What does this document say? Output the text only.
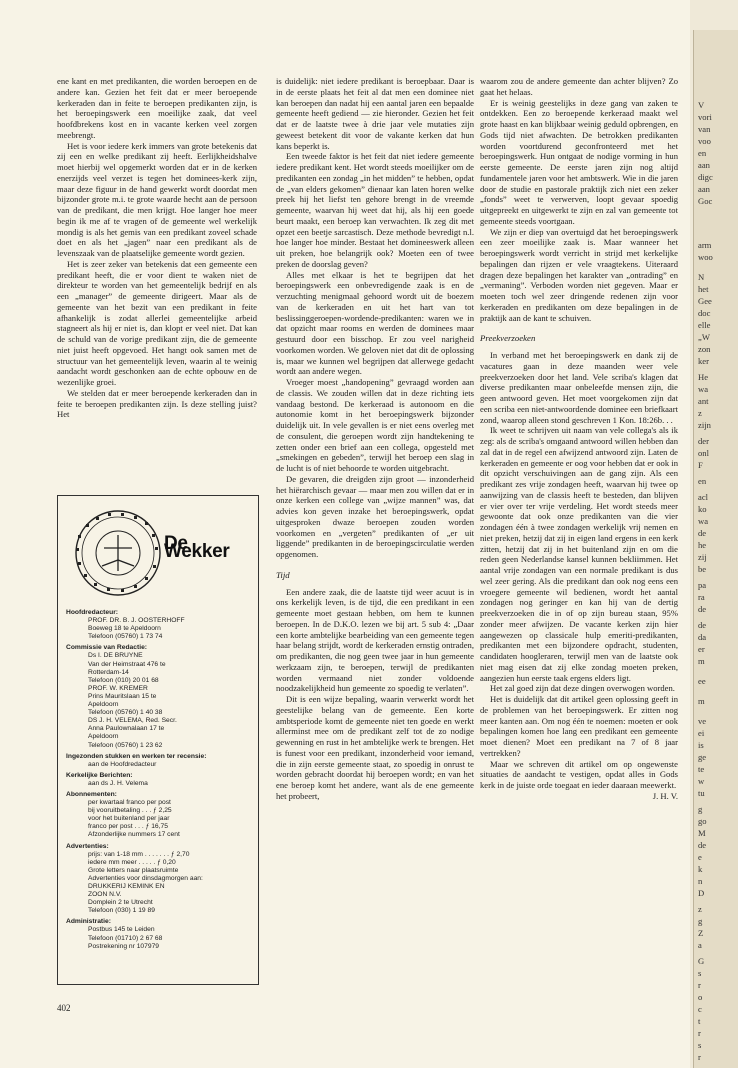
ene kant en met predikanten, die worden beroepen en de andere kan. Gezien het feit dat er meer beroepende kerkeraden dan in feite te beroepen predikanten zijn, is het beroepingswerk een moeilijke zaak, dat veel hoofdbrekens kost en in vacante kerken veel zorgen meebrengt.

Het is voor iedere kerk immers van grote betekenis dat zij een en welke predikant zij heeft. Eerlijkheidshalve moet hierbij wel opgemerkt worden dat er in de kerken enerzijds veel verzet is tegen het dominees-kerk zijn, maar deze figuur in de hand gewerkt wordt doordat men bijzonder grote m.i. te grote waarde hecht aan de persoon van de predikant, die men krijgt. Hoe langer hoe meer begin ik me af te vragen of de gemeente wel werkelijk mondig is als het gemis van een predikant zoveel schade doet en als het „jagen” naar een predikant als de levenszaak van de plaatselijke gemeente wordt gezien.

Het is zeer zeker van betekenis dat een gemeente een predikant heeft, die er voor dient te waken niet de direkteur te worden van het gemeentelijk bedrijf en als een „manager” de gemeente dirigeert. Maar als de gemeente van het bezit van een predikant in feite afhankelijk is zodat allerlei gemeentelijke arbeid stagneert als hij er niet is, dan klopt er veel niet. Dat kan de schuld van de vorige predikant zijn, die de gemeente niet juist heeft opgevoed. Het hangt ook samen met de structuur van het gemeentelijk leven, waarin al te weinig aandacht wordt geschonken aan de echte opbouw en de wezenlijke groei.

We stelden dat er meer beroepende kerkeraden dan in feite te beroepen predikanten zijn. Is deze stelling juist? Het

De Wekker
Hoofdredacteur:
PROF. DR. B. J. OOSTERHOFF
Boeweg 18 te Apeldoorn
Telefoon (05760) 1 73 74
Commissie van Redactie:
Ds I. DE BRUYNE
Van der Heimstraat 476 te
Rotterdam-14
Telefoon (010) 20 01 68
PROF. W. KREMER
Prins Mauritslaan 15 te
Apeldoorn
Telefoon (05760) 1 40 38
DS J. H. VELEMA, Red. Secr.
Anna Paulownalaan 17 te
Apeldoorn
Telefoon (05760) 1 23 62
Ingezonden stukken en werken ter recensie:
aan de Hoofdredacteur
Kerkelijke Berichten:
aan ds J. H. Velema
Abonnementen:
per kwartaal franco per post
bij vooruitbetaling . . . ƒ 2,25
voor het buitenland per jaar
franco per post . . . ƒ 16,75
Afzonderlijke nummers 17 cent
Advertenties:
prijs: van 1-18 mm . . . . . . . ƒ 2,70
iedere mm meer . . . . . ƒ 0,20
Grote letters naar plaatsruimte
Advertenties voor dinsdagmorgen aan:
DRUKKERIJ KEMINK EN
ZOON N.V.
Domplein 2 te Utrecht
Telefoon (030) 1 19 89
Administratie:
Postbus 145 te Leiden
Telefoon (01710) 2 67 68
Postrekening nr 107979

is duidelijk: niet iedere predikant is beroepbaar. Daar is in de eerste plaats het feit al dat men een dominee niet kan beroepen dan nadat hij een aantal jaren een bepaalde gemeente heeft gediend — zie hieronder. Gezien het feit dat er de laatste twee à drie jaar vele mutaties zijn geweest betekent dit voor de vakante kerken dat hun kans beperkt is.

Een tweede faktor is het feit dat niet iedere gemeente iedere predikant kent. Het wordt steeds moeilijker om de predikanten een zondag „in het midden” te hebben, opdat de „van elders gekomen” dienaar kan laten horen welke preek hij het liefst ten gehore brengt in de vreemde gemeente, waarvan hij weet dat hij, als hij een goede beurt maakt, een beroep kan verwachten. Ik zeg dit met opzet een beetje sarcastisch. Deze methode bevredigt n.l. hoe langer hoe minder. Bestaat het domineeswerk alleen uit preken, hoe belangrijk ook? Moeten een of twee preken de doorslag geven?

Alles met elkaar is het te begrijpen dat het beroepingswerk een onbevredigende zaak is en de verzuchting menigmaal gehoord wordt uit de boezem van de kerkeraden en uit het hart van tot beslissinggeroepen-wordende-predikanten: waren we in dat opzicht maar rooms en werden de dominees maar gestuurd door een bisschop. Er zou veel narigheid voorkomen worden. We geloven niet dat dit de oplossing is, maar we kunnen wel begrijpen dat allerwege gedacht wordt aan andere wegen.

Vroeger moest „handopening” gevraagd worden aan de classis. We zouden willen dat in deze richting iets vandaag bestond. De kerkeraad is autonoom en die autonomie komt in het beroepingswerk bijzonder duidelijk uit. In vele gevallen is er niet eens overleg met de consulent, die geroepen wordt zijn handtekening te zetten onder een brief aan een collega, opgesteld met „smekingen en gebeden”, terwijl het beroep een slag in de lucht is of niet behoorde te worden uitgebracht.

De gevaren, die dreigden zijn groot — inzonderheid het hiërarchisch gevaar — maar men zou willen dat er in onze kerken een college van „wijze mannen” was, dat advies kon geven inzake het beroepingswerk, opdat uitgesproken dwaze beroepen zouden worden voorkomen en „vergeten” predikanten of „er uit liggende” predikanten in de beroepingscirculatie werden opgenomen.

Tijd

Een andere zaak, die de laatste tijd weer acuut is in ons kerkelijk leven, is de tijd, die een predikant in een gemeente moet gestaan hebben, om hem te kunnen beroepen. In de D.K.O. lezen we bij art. 5 sub 4: „Daar een korte ambtelijke bearbeiding van een gemeente tegen haar belang strijdt, wordt de kerkeraden ernstig ontraden, om predikanten, die nog geen twee jaar in hun gemeente werkzaam zijn, te beroepen, terwijl de predikanten worden vermaand niet zonder voldoende noodzakelijkheid hun gemeente zo spoedig te verlaten”.

Dit is een wijze bepaling, waarin verwerkt wordt het geestelijke belang van de gemeente. Een korte ambtsperiode komt de gemeente niet ten goede en werkt allerminst mee om de predikant zelf tot de zo nodige gewenning en rust in het ambtelijke werk te brengen. Het is funest voor een predikant, inzonderheid voor iemand, die in zijn eerste gemeente staat, zo spoedig in onrust te worden gebracht doordat hij beroepen wordt; en van het ene beroep komt het andere, want als de ene gemeente het probeert,

waarom zou de andere gemeente dan achter blijven? Zo gaat het helaas.

Er is weinig geestelijks in deze gang van zaken te ontdekken. Een zo beroepende kerkeraad maakt wel grote haast en kan blijkbaar weinig geduld opbrengen, en Gods tijd niet afwachten. De betrokken predikanten worden voortdurend geconfronteerd met het beroepingswerk. Hun ontgaat de nodige vorming in hun eerste gemeente. De eerste jaren zijn nog altijd fundamentele jaren voor het ambtswerk. Wie in die jaren door de studie en pastorale praktijk zich niet een zeker „fonds” weet te verwerven, loopt gevaar spoedig uitgepreekt en uitgewerkt te zijn en zal van gemeente tot gemeente steeds voortgaan.

We zijn er diep van overtuigd dat het beroepingswerk een zeer moeilijke zaak is. Maar wanneer het beroepingswerk wordt verricht in strijd met kerkelijke bepalingen dan rijzen er vele vraagtekens. Uiteraard dragen deze bepalingen het karakter van „ontrading” en „vermaning”. Verboden worden niet gegeven. Maar er moeten toch wel zeer dringende redenen zijn voor kerkeraden en predikanten om deze bepalingen in de praktijk aan de kant te schuiven.

Preekverzoeken

In verband met het beroepingswerk en dank zij de vacatures gaan in deze maanden weer vele preekverzoeken door het land. Vele scriba's klagen dat diverse predikanten maar onbeleefde mensen zijn, die geen antwoord geven. Het moet voorgekomen zijn dat een scriba een niet-antwoordende dominee een briefkaart zond, waarop alleen stond geschreven 1 Kon. 18:26b. . .

Ik weet te schrijven uit naam van vele collega's als ik zeg: als de scriba's omgaand antwoord willen hebben dan zal dat in de regel een afwijzend antwoord zijn. Laten de kerkeraden en gemeente er oog voor hebben dat er ook in dit opzicht verschuivingen aan de gang zijn. Als een predikant zes vrije zondagen heeft, waarvan hij twee op aanwijzing van de classis heeft te besteden, dan blijven er vier over ter vrije verdeling. Het wordt steeds meer gewoonte dat ook onze predikanten van die vier zondagen één à twee zondagen werkelijk vrij nemen en niet preken, hetzij dat zij in eigen land ergens in een kerk zitten, hetzij dat zij in het buitenland zijn en om die reden geen Nederlandse kansel kunnen bekliimmen. Het aantal vrije zondagen van een normale predikant is dus wel zeer gering. Als die predikant dan ook nog eens een vroegere gemeente wil bedienen, wordt het aantal zondagen nog geringer en kan hij van de dertig preekverzoeken die in of op zijn bureau staan, 95% zonder meer afwijzen. De vacante kerken zijn hier aangewezen op classicale hulp emeriti-predikanten, predikanten met een bijzondere opdracht, studenten, candidaten hoogleraren, terwijl men van de laatste ook niet mag eisen dat zij elke zondag moeten preken, aangezien hun eerste taak ergens elders ligt.

Het zal goed zijn dat deze dingen overwogen worden.

Het is duidelijk dat dit artikel geen oplossing geeft in de problemen van het beroepingswerk. Er zitten nog meer kanten aan. Om nog één te noemen: moeten er ook bepalingen komen hoe lang een predikant een gemeente moet dienen? Moet een predikant na 7 of 8 jaar vertrekken?

Maar we schreven dit artikel om op ongewenste situaties de aandacht te vestigen, opdat alles in Gods kerk in de juiste orde toegaat en ieder daaraan meewerkt.

J. H. V.

402
V
vori
van
voo
en
aan
digc
aan
Goc
arm
woo
N
het
Gee
doc
elle
„W
zon
ker
He
wa
ant
z
zijn
der
onl
F
en
acl
ko
wa
de
he
zij
be
pa
ra
de
de
da
er
m
ee
m
ve
ei
is
ge
te
w
tu
g
go
M
de
e
k
n
D
z
g
Z
a
G
s
r
o
c
t
r
s
r
